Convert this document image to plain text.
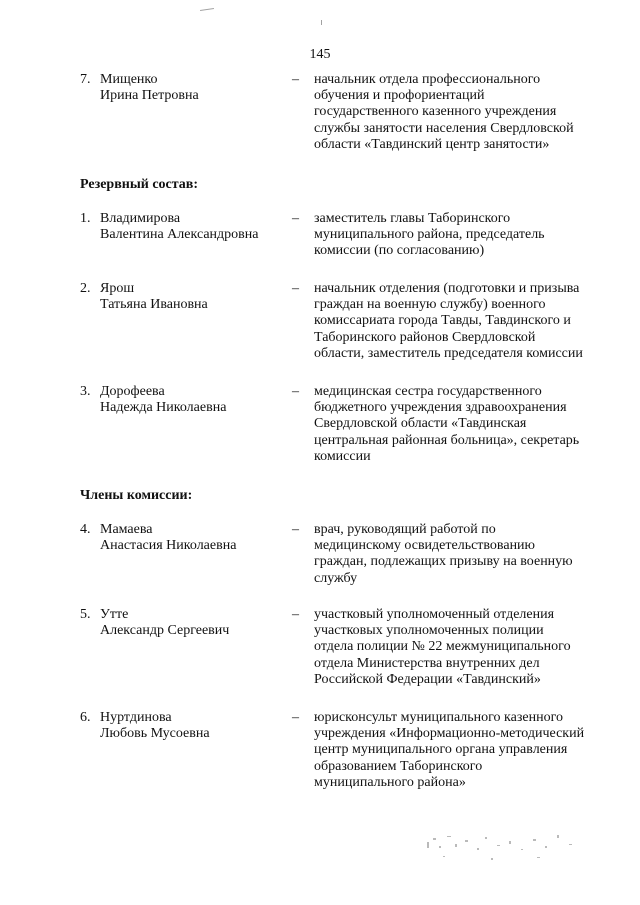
145
7. Мищенко
Ирина Петровна
– начальник отдела профессионального
обучения и профориентаций
государственного казенного учреждения
службы занятости населения Свердловской
области «Тавдинский центр занятости»
Резервный состав:
1. Владимирова
Валентина Александровна
– заместитель главы Таборинского
муниципального района, председатель
комиссии (по согласованию)
2. Ярош
Татьяна Ивановна
– начальник отделения (подготовки и призыва
граждан на военную службу) военного
комиссариата города Тавды, Тавдинского и
Таборинского районов Свердловской
области, заместитель председателя комиссии
3. Дорофеева
Надежда Николаевна
– медицинская сестра государственного
бюджетного учреждения здравоохранения
Свердловской области «Тавдинская
центральная районная больница», секретарь
комиссии
Члены комиссии:
4. Мамаева
Анастасия Николаевна
– врач, руководящий работой по
медицинскому освидетельствованию
граждан, подлежащих призыву на военную
службу
5. Утте
Александр Сергеевич
– участковый уполномоченный отделения
участковых уполномоченных полиции
отдела полиции № 22 межмуниципального
отдела Министерства внутренних дел
Российской Федерации «Тавдинский»
6. Нуртдинова
Любовь Мусоевна
– юрисконсульт муниципального казенного
учреждения «Информационно-методический
центр муниципального органа управления
образованием Таборинского
муниципального района»
